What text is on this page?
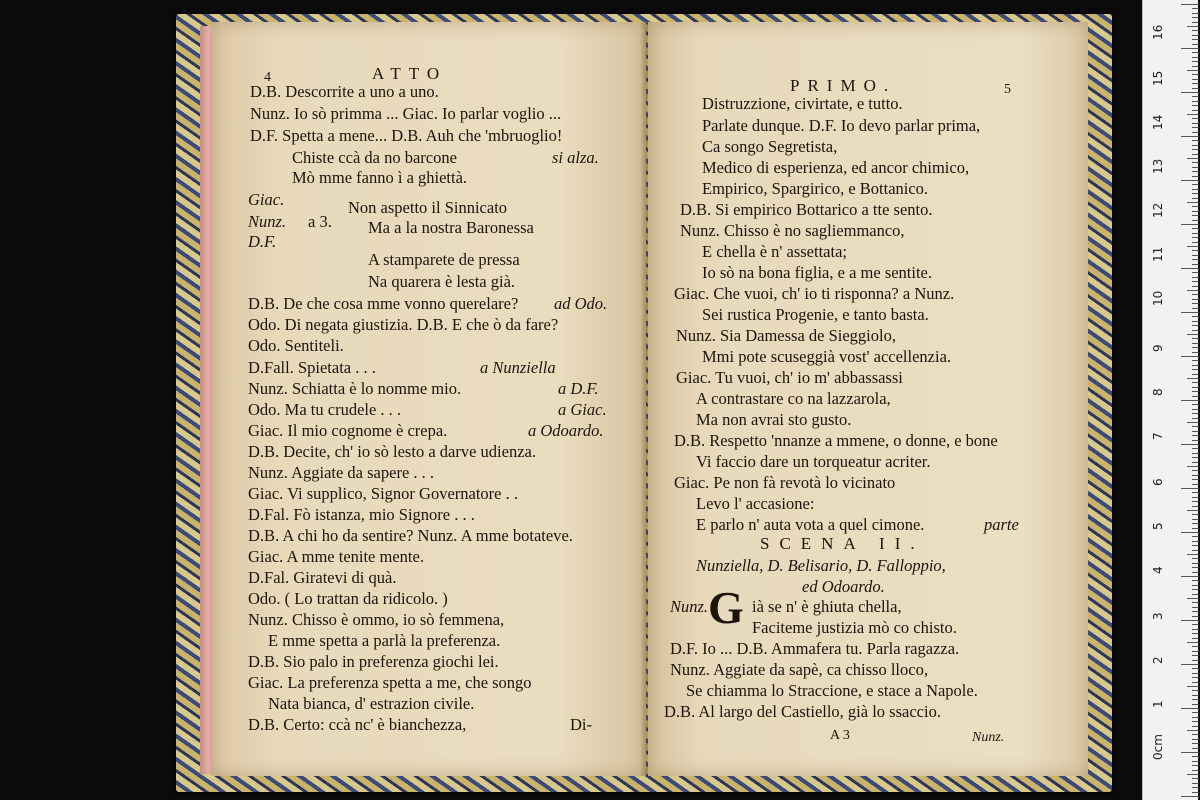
4	ATTO
D.B. Descorrite a uno a uno.
Nunz. Io sò primma ... Giac. Io parlar voglio ...
D.F. Spetta a mene... D.B. Auh che 'mbruoglio!
Chiste ccà da no barcone	si alza.
Mò mme fanno ì a ghiettà.
Giac.
Nunz.
D.F.
a 3.
Non aspetto il Sinnicato
Ma a la nostra Baronessa
A stamparete de pressa
Na quarera è lesta già.
D.B. De che cosa mme vonno querelare? ad Odo.
Odo. Di negata giustizia. D.B. E che ò da fare?
Odo. Sentiteli.
D.Fall. Spietata . . .	a Nunziella
Nunz. Schiatta è lo nomme mio.	a D.F.
Odo. Ma tu crudele . . .	a Giac.
Giac. Il mio cognome è crepa.	a Odoardo.
D.B. Decite, ch' io sò lesto a darve udienza.
Nunz. Aggiate da sapere . . .
Giac. Vi supplico, Signor Governatore . .
D.Fal. Fò istanza, mio Signore . . .
D.B. A chi ho da sentire? Nunz. A mme botateve.
Giac. A mme tenite mente.
D.Fal. Giratevi di quà.
Odo. ( Lo trattan da ridicolo. )
Nunz. Chisso è ommo, io sò femmena,
E mme spetta a parlà la preferenza.
D.B. Sio palo in preferenza giochi lei.
Giac. La preferenza spetta a me, che songo
Nata bianca, d' estrazion civile.
D.B. Certo: ccà nc' è bianchezza,	Di-
PRIMO.	5
Distruzzione, civirtate, e tutto.
Parlate dunque. D.F. Io devo parlar prima,
Ca songo Segretista,
Medico di esperienza, ed ancor chimico,
Empirico, Spargirico, e Bottanico.
D.B. Si empirico Bottarico a tte sento.
Nunz. Chisso è no sagliemmanco,
E chella è n' assettata;
Io sò na bona figlia, e a me sentite.
Giac. Che vuoi, ch' io ti risponna? a Nunz.
Sei rustica Progenie, e tanto basta.
Nunz. Sia Damessa de Sieggiolo,
Mmi pote scuseggià vost' accellenzia.
Giac. Tu vuoi, ch' io m' abbassassi
A contrastare co na lazzarola,
Ma non avrai sto gusto.
D.B. Respetto 'nnanze a mmene, o donne, e bone
Vi faccio dare un torqueatur acriter.
Giac. Pe non fà revotà lo vicinato
Levo l' accasione:
E parlo n' auta vota a quel cimone.	parte
SCENA II.
Nunziella, D. Belisario, D. Falloppio,
ed Odoardo.
Nunz. G ià se n' è ghiuta chella,
Faciteme justizia mò co chisto.
D.F. Io ... D.B. Ammafera tu. Parla ragazza.
Nunz. Aggiate da sapè, ca chisso lloco,
Se chiamma lo Straccione, e stace a Napole.
D.B. Al largo del Castiello, già lo ssaccio.
A 3	Nunz.
16
15
14
13
12
11
10
9
8
7
6
5
4
3
2
1
0cm
